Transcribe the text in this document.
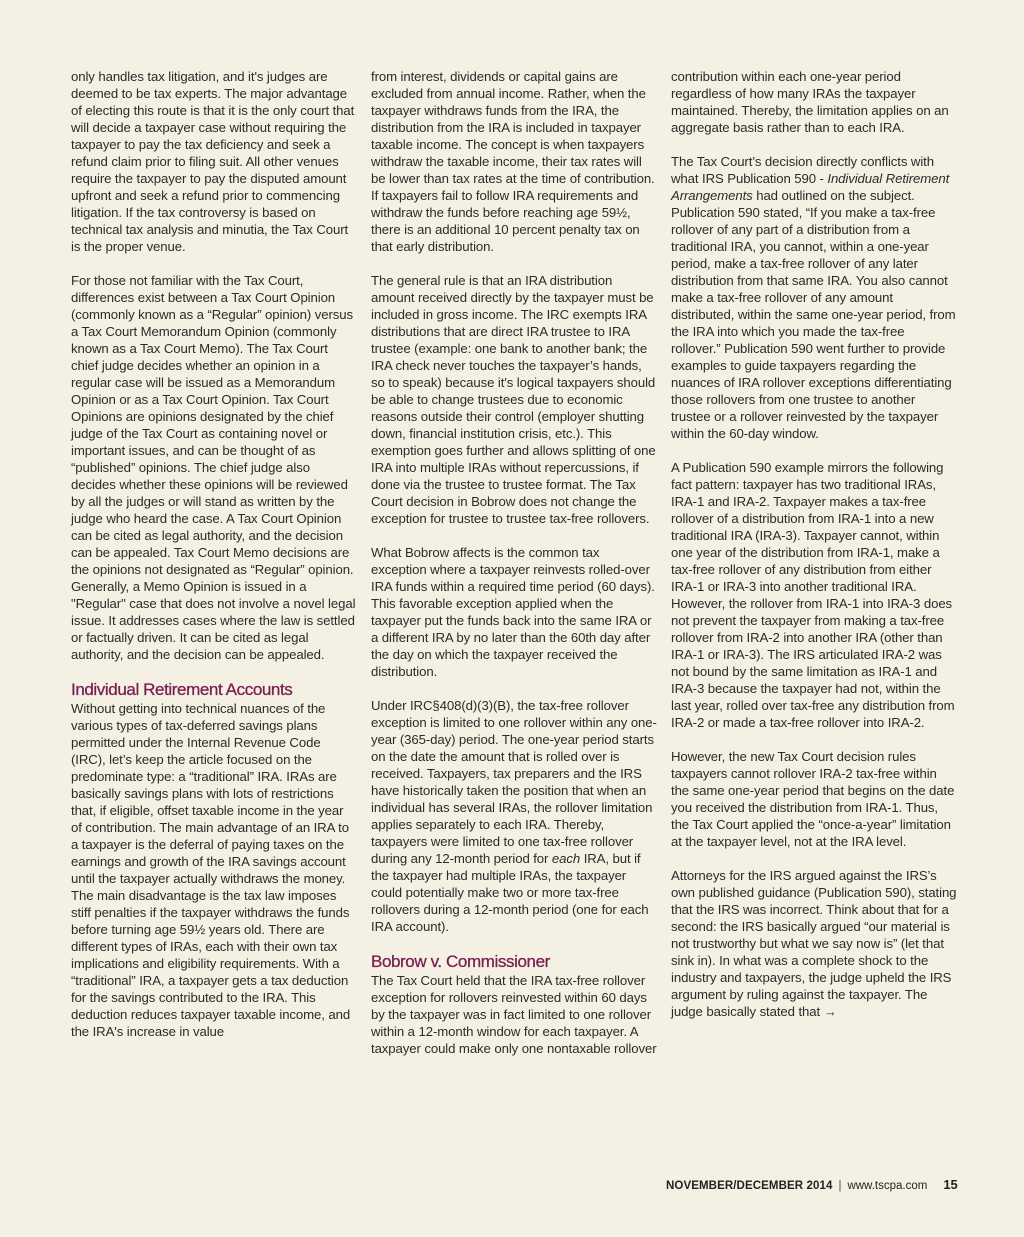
only handles tax litigation, and it's judges are deemed to be tax experts. The major advantage of electing this route is that it is the only court that will decide a taxpayer case without requiring the taxpayer to pay the tax deficiency and seek a refund claim prior to filing suit. All other venues require the taxpayer to pay the disputed amount upfront and seek a refund prior to commencing litigation. If the tax controversy is based on technical tax analysis and minutia, the Tax Court is the proper venue.

For those not familiar with the Tax Court, differences exist between a Tax Court Opinion (commonly known as a “Regular” opinion) versus a Tax Court Memorandum Opinion (commonly known as a Tax Court Memo). The Tax Court chief judge decides whether an opinion in a regular case will be issued as a Memorandum Opinion or as a Tax Court Opinion. Tax Court Opinions are opinions designated by the chief judge of the Tax Court as containing novel or important issues, and can be thought of as “published” opinions. The chief judge also decides whether these opinions will be reviewed by all the judges or will stand as written by the judge who heard the case. A Tax Court Opinion can be cited as legal authority, and the decision can be appealed. Tax Court Memo decisions are the opinions not designated as “Regular” opinion. Generally, a Memo Opinion is issued in a "Regular" case that does not involve a novel legal issue. It addresses cases where the law is settled or factually driven. It can be cited as legal authority, and the decision can be appealed.

Individual Retirement Accounts

Without getting into technical nuances of the various types of tax-deferred savings plans permitted under the Internal Revenue Code (IRC), let’s keep the article focused on the predominate type: a “traditional” IRA. IRAs are basically savings plans with lots of restrictions that, if eligible, offset taxable income in the year of contribution. The main advantage of an IRA to a taxpayer is the deferral of paying taxes on the earnings and growth of the IRA savings account until the taxpayer actually withdraws the money. The main disadvantage is the tax law imposes stiff penalties if the taxpayer withdraws the funds before turning age 59½ years old. There are different types of IRAs, each with their own tax implications and eligibility requirements. With a “traditional” IRA, a taxpayer gets a tax deduction for the savings contributed to the IRA. This deduction reduces taxpayer taxable income, and the IRA's increase in value

from interest, dividends or capital gains are excluded from annual income. Rather, when the taxpayer withdraws funds from the IRA, the distribution from the IRA is included in taxpayer taxable income. The concept is when taxpayers withdraw the taxable income, their tax rates will be lower than tax rates at the time of contribution. If taxpayers fail to follow IRA requirements and withdraw the funds before reaching age 59½, there is an additional 10 percent penalty tax on that early distribution.

The general rule is that an IRA distribution amount received directly by the taxpayer must be included in gross income. The IRC exempts IRA distributions that are direct IRA trustee to IRA trustee (example: one bank to another bank; the IRA check never touches the taxpayer’s hands, so to speak) because it's logical taxpayers should be able to change trustees due to economic reasons outside their control (employer shutting down, financial institution crisis, etc.). This exemption goes further and allows splitting of one IRA into multiple IRAs without repercussions, if done via the trustee to trustee format. The Tax Court decision in Bobrow does not change the exception for trustee to trustee tax-free rollovers.

What Bobrow affects is the common tax exception where a taxpayer reinvests rolled-over IRA funds within a required time period (60 days). This favorable exception applied when the taxpayer put the funds back into the same IRA or a different IRA by no later than the 60th day after the day on which the taxpayer received the distribution.

Under IRC§408(d)(3)(B), the tax-free rollover exception is limited to one rollover within any one-year (365-day) period. The one-year period starts on the date the amount that is rolled over is received. Taxpayers, tax preparers and the IRS have historically taken the position that when an individual has several IRAs, the rollover limitation applies separately to each IRA. Thereby, taxpayers were limited to one tax-free rollover during any 12-month period for each IRA, but if the taxpayer had multiple IRAs, the taxpayer could potentially make two or more tax-free rollovers during a 12-month period (one for each IRA account).

Bobrow v. Commissioner

The Tax Court held that the IRA tax-free rollover exception for rollovers reinvested within 60 days by the taxpayer was in fact limited to one rollover within a 12-month window for each taxpayer. A taxpayer could make only one nontaxable rollover

contribution within each one-year period regardless of how many IRAs the taxpayer maintained. Thereby, the limitation applies on an aggregate basis rather than to each IRA.

The Tax Court’s decision directly conflicts with what IRS Publication 590 - Individual Retirement Arrangements had outlined on the subject. Publication 590 stated, “If you make a tax-free rollover of any part of a distribution from a traditional IRA, you cannot, within a one-year period, make a tax-free rollover of any later distribution from that same IRA. You also cannot make a tax-free rollover of any amount distributed, within the same one-year period, from the IRA into which you made the tax-free rollover.” Publication 590 went further to provide examples to guide taxpayers regarding the nuances of IRA rollover exceptions differentiating those rollovers from one trustee to another trustee or a rollover reinvested by the taxpayer within the 60-day window.

A Publication 590 example mirrors the following fact pattern: taxpayer has two traditional IRAs, IRA-1 and IRA-2. Taxpayer makes a tax-free rollover of a distribution from IRA-1 into a new traditional IRA (IRA-3). Taxpayer cannot, within one year of the distribution from IRA-1, make a tax-free rollover of any distribution from either IRA-1 or IRA-3 into another traditional IRA. However, the rollover from IRA-1 into IRA-3 does not prevent the taxpayer from making a tax-free rollover from IRA-2 into another IRA (other than IRA-1 or IRA-3). The IRS articulated IRA-2 was not bound by the same limitation as IRA-1 and IRA-3 because the taxpayer had not, within the last year, rolled over tax-free any distribution from IRA-2 or made a tax-free rollover into IRA-2.

However, the new Tax Court decision rules taxpayers cannot rollover IRA-2 tax-free within the same one-year period that begins on the date you received the distribution from IRA-1. Thus, the Tax Court applied the “once-a-year” limitation at the taxpayer level, not at the IRA level.

Attorneys for the IRS argued against the IRS’s own published guidance (Publication 590), stating that the IRS was incorrect. Think about that for a second: the IRS basically argued “our material is not trustworthy but what we say now is” (let that sink in). In what was a complete shock to the industry and taxpayers, the judge upheld the IRS argument by ruling against the taxpayer. The judge basically stated that →

NOVEMBER/DECEMBER 2014 | www.tscpa.com 15
